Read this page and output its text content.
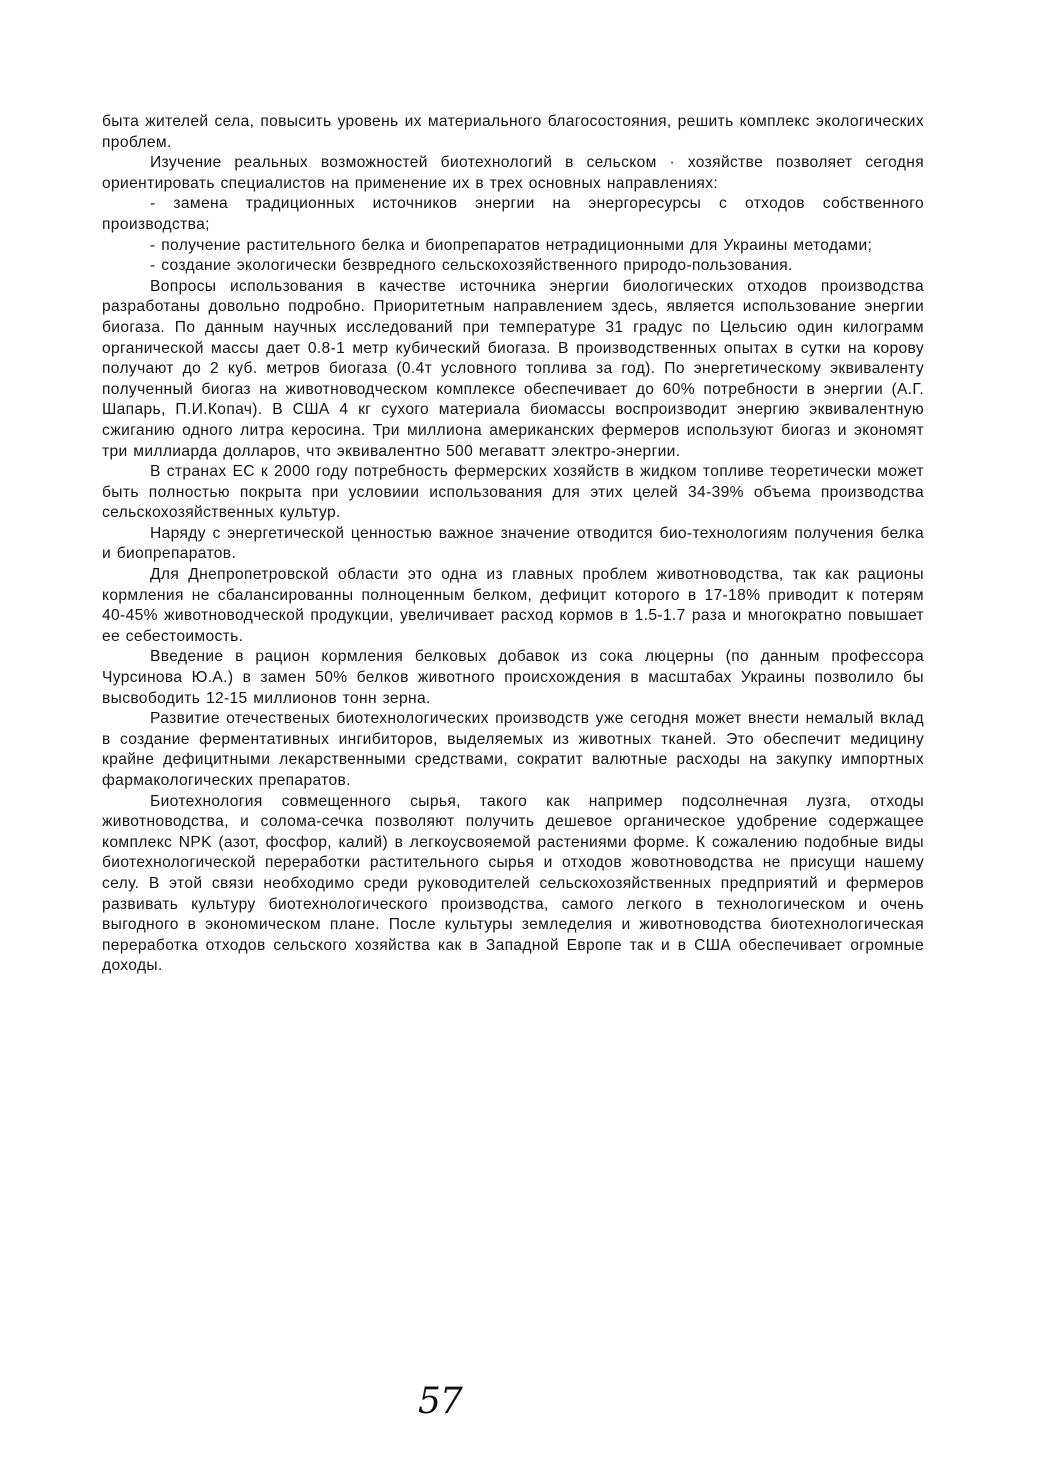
быта жителей села, повысить уровень их материального благосостояния, решить комплекс экологических проблем.

Изучение реальных возможностей биотехнологий в сельском · хозяйстве позволяет сегодня ориентировать специалистов на применение их в трех основных направлениях:

- замена традиционных источников энергии на энергоресурсы с отходов собственного производства;

- получение растительного белка и биопрепаратов нетрадиционными для Украины методами;

- создание экологически безвредного сельскохозяйственного природо-пользования.

Вопросы использования в качестве источника энергии биологических отходов производства разработаны довольно подробно. Приоритетным направлением здесь, является использование энергии биогаза. По данным научных исследований при температуре 31 градус по Цельсию один килограмм органической массы дает 0.8-1 метр кубический биогаза. В производственных опытах в сутки на корову получают до 2 куб. метров биогаза (0.4т условного топлива за год). По энергетическому эквиваленту полученный биогаз на животноводческом комплексе обеспечивает до 60% потребности в энергии (А.Г. Шапарь, П.И.Копач). В США 4 кг сухого материала биомассы воспроизводит энергию эквивалентную сжиганию одного литра керосина. Три миллиона американских фермеров используют биогаз и экономят три миллиарда долларов, что эквивалентно 500 мегаватт электро-энергии.

В странах ЕС к 2000 году потребность фермерских хозяйств в жидком топливе теоретически может быть полностью покрыта при условиии использования для этих целей 34-39% объема производства сельскохозяйственных культур.

Наряду с энергетической ценностью важное значение отводится био-технологиям получения белка и биопрепаратов.

Для Днепропетровской области это одна из главных проблем животноводства, так как рационы кормления не сбалансированны полноценным белком, дефицит которого в 17-18% приводит к потерям 40-45% животноводческой продукции, увеличивает расход кормов в 1.5-1.7 раза и многократно повышает ее себестоимость.

Введение в рацион кормления белковых добавок из сока люцерны (по данным профессора Чурсинова Ю.А.) в замен 50% белков животного происхождения в масштабах Украины позволило бы высвободить 12-15 миллионов тонн зерна.

Развитие отечественых биотехнологических производств уже сегодня может внести немалый вклад в создание ферментативных ингибиторов, выделяемых из животных тканей. Это обеспечит медицину крайне дефицитными лекарственными средствами, сократит валютные расходы на закупку импортных фармакологических препаратов.

Биотехнология совмещенного сырья, такого как например подсолнечная лузга, отходы животноводства, и солома-сечка позволяют получить дешевое органическое удобрение содержащее комплекс NPK (азот, фосфор, калий) в легкоусвояемой растениями форме. К сожалению подобные виды биотехнологической переработки растительного сырья и отходов жовотноводства не присущи нашему селу. В этой связи необходимо среди руководителей сельскохозяйственных предприятий и фермеров развивать культуру биотехнологического производства, самого легкого в технологическом и очень выгодного в экономическом плане. После культуры земледелия и животноводства биотехнологическая переработка отходов сельского хозяйства как в Западной Европе так и в США обеспечивает огромные доходы.

57
